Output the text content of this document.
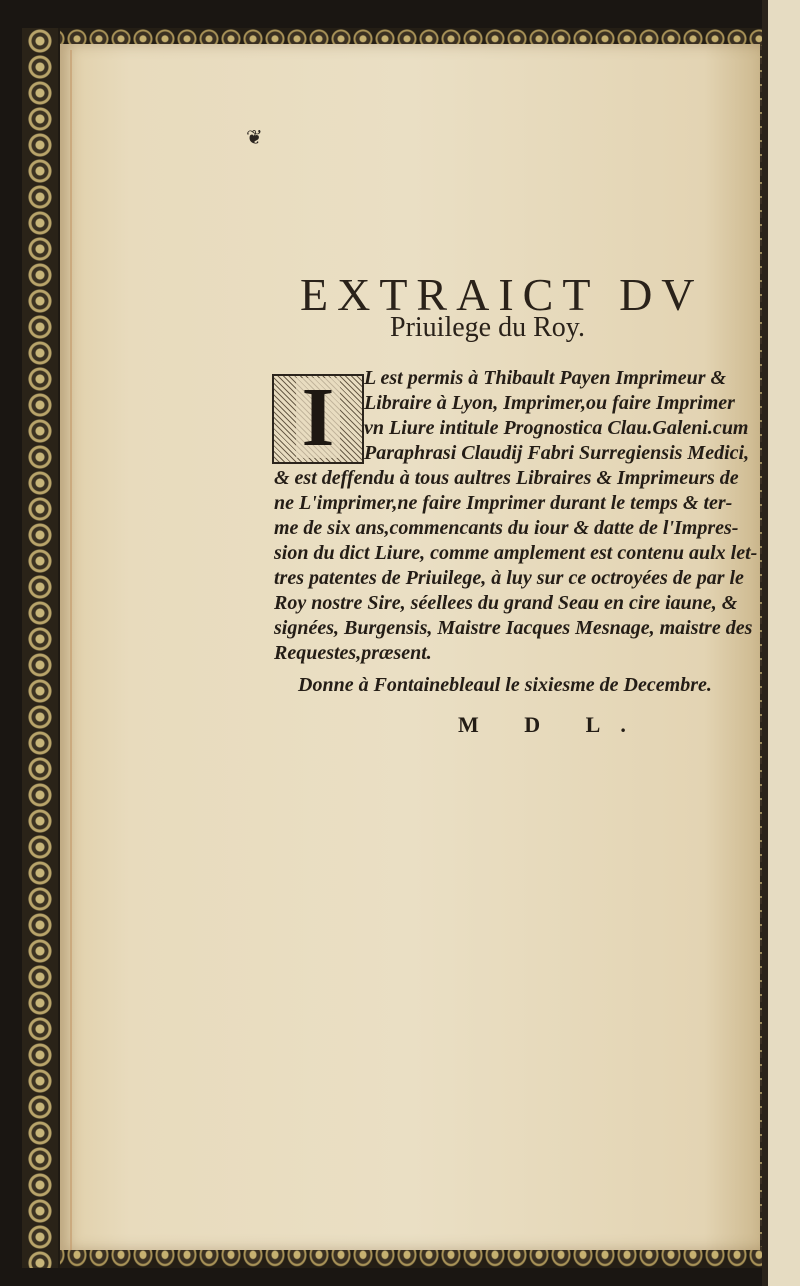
❦
EXTRAICT DV
Priuilege du Roy.
L est permis à Thibault Payen Imprimeur &
Libraire à Lyon, Imprimer,ou faire Imprimer
vn Liure intitule Prognostica Clau.Galeni.cum
Paraphrasi Claudij Fabri Surregiensis Medici,
& est deffendu à tous aultres Libraires & Imprimeurs de
ne L'imprimer,ne faire Imprimer durant le temps & ter-
me de six ans,commencants du iour & datte de l'Impres-
sion du dict Liure, comme amplement est contenu aulx let-
tres patentes de Priuilege, à luy sur ce octroyées de par le
Roy nostre Sire, séellees du grand Seau en cire iaune, &
signées, Burgensis, Maistre Iacques Mesnage, maistre des
Requestes,præsent.
I
Donne à Fontainebleaul le sixiesme de Decembre.
M D L.
